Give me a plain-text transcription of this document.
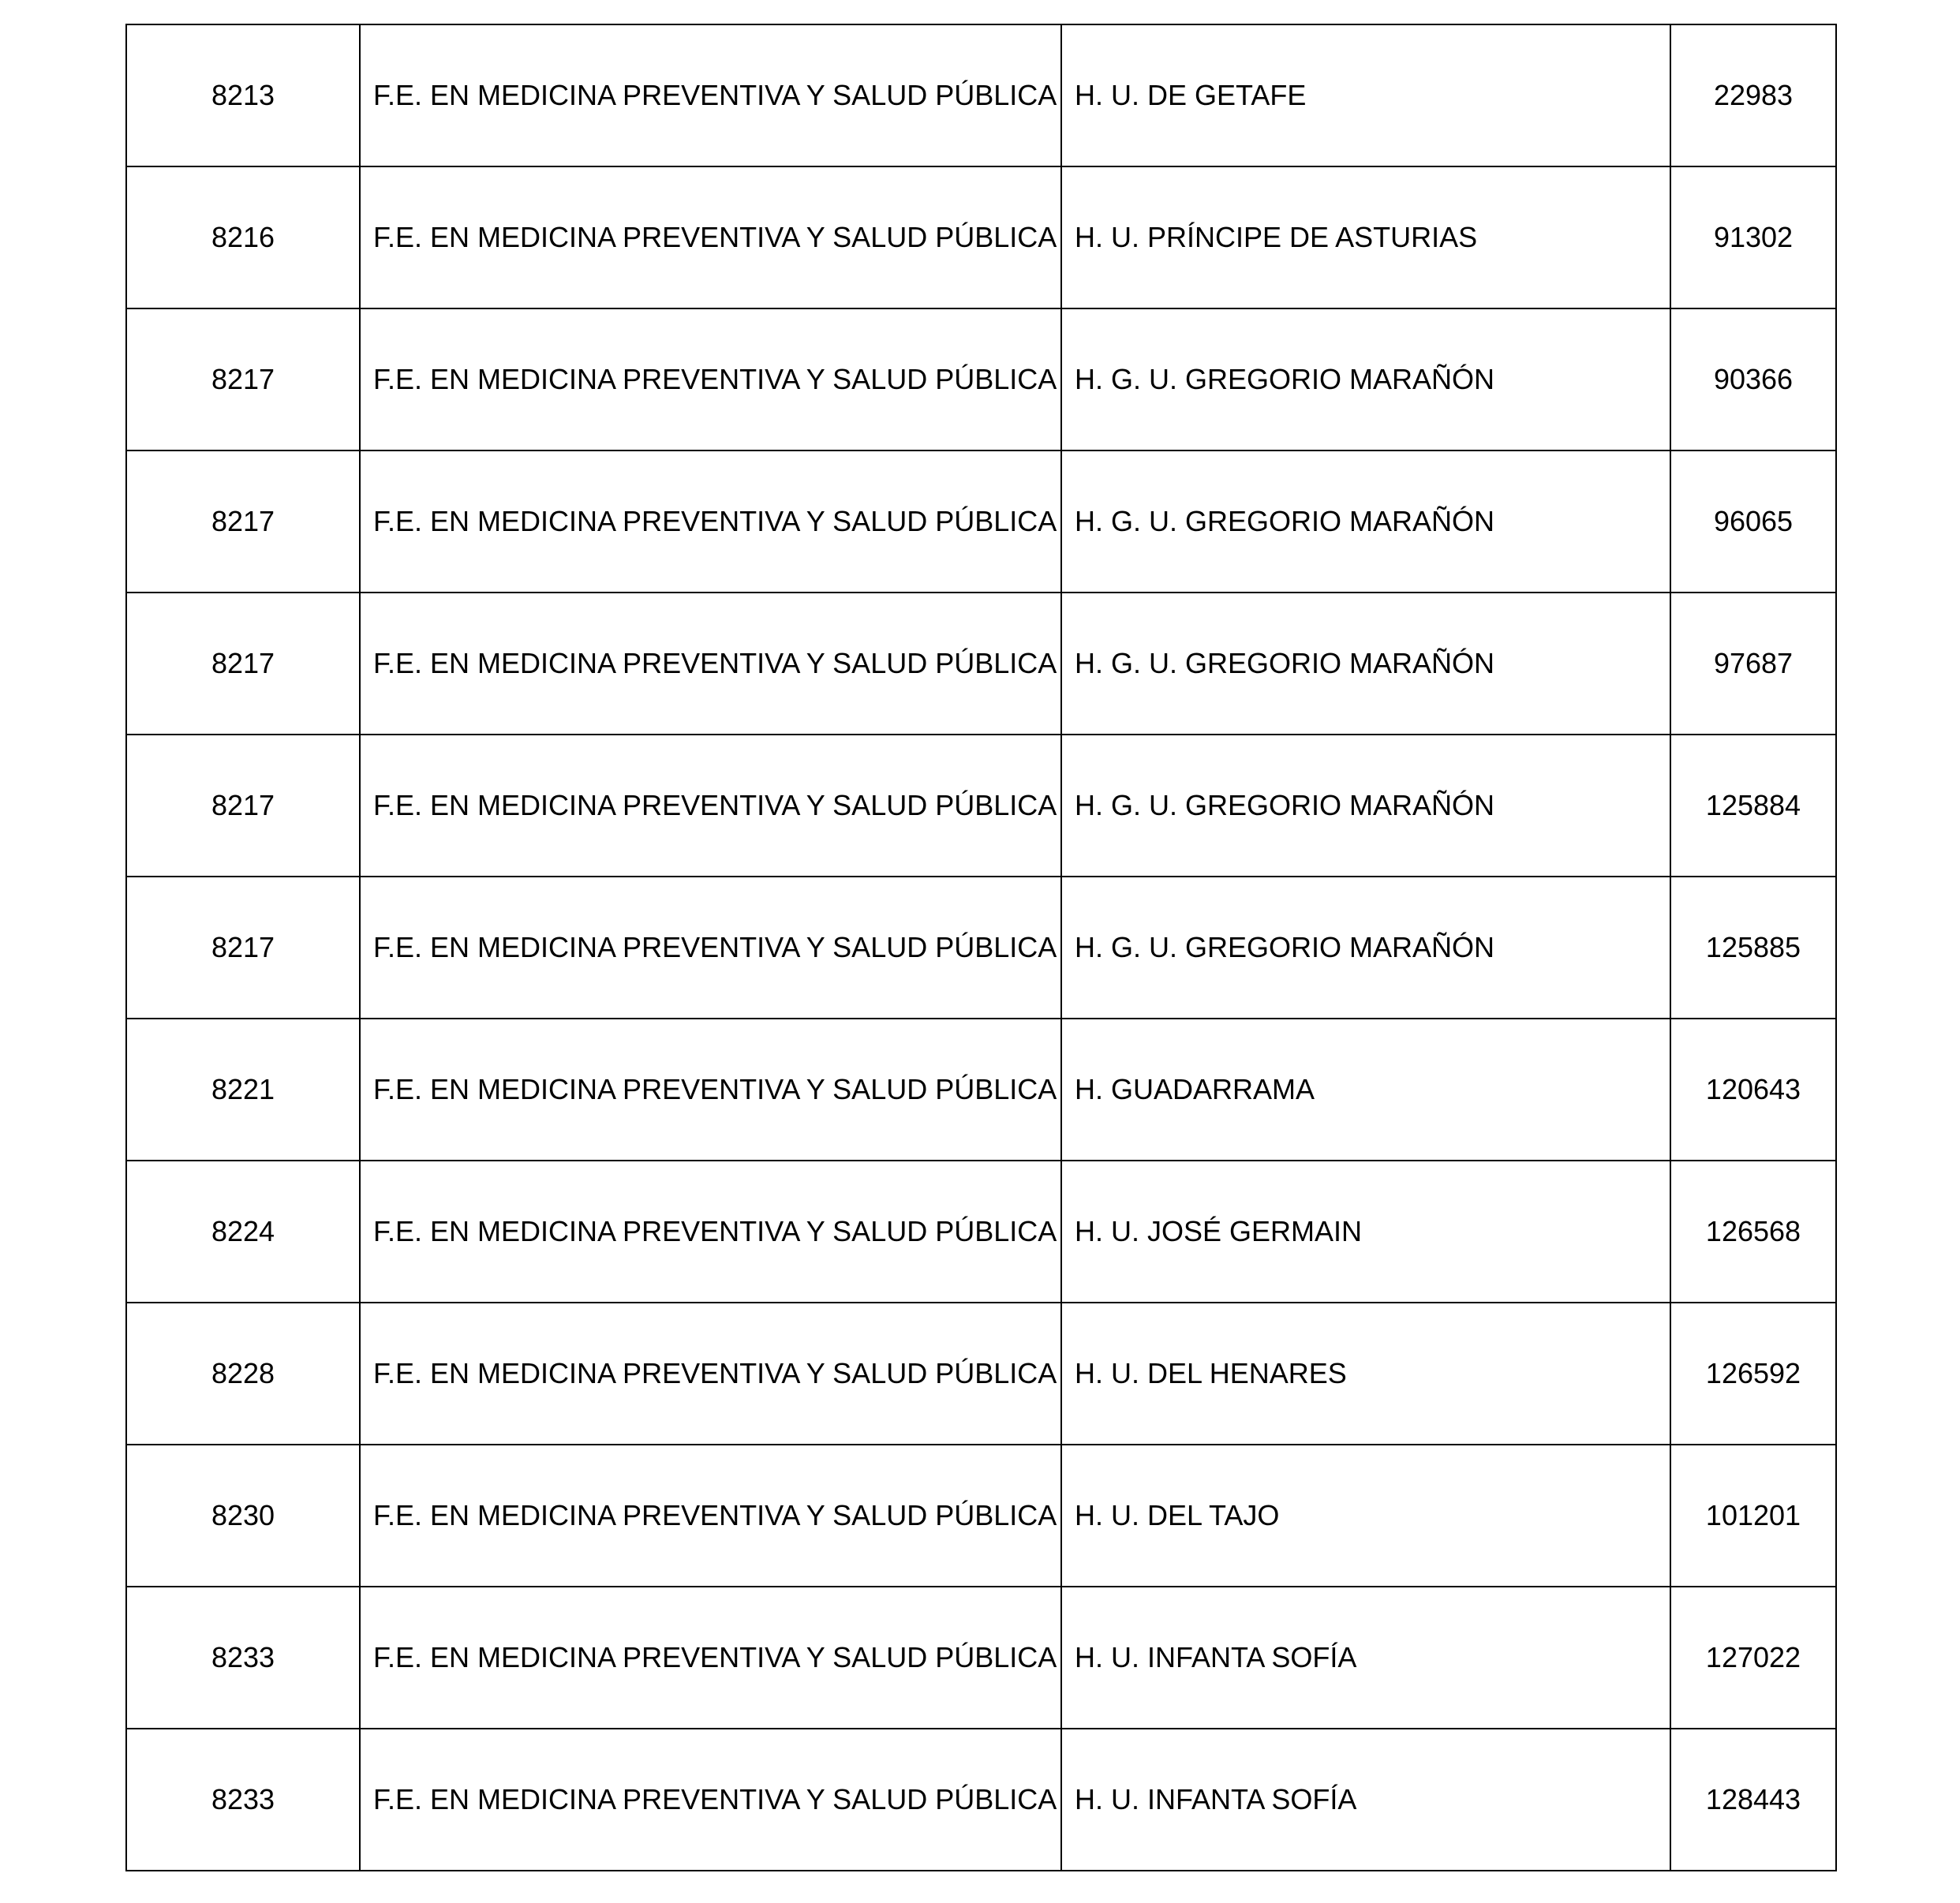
8213	F.E. EN MEDICINA PREVENTIVA Y SALUD PÚBLICA	H. U. DE GETAFE	22983
8216	F.E. EN MEDICINA PREVENTIVA Y SALUD PÚBLICA	H. U. PRÍNCIPE DE ASTURIAS	91302
8217	F.E. EN MEDICINA PREVENTIVA Y SALUD PÚBLICA	H. G. U. GREGORIO MARAÑÓN	90366
8217	F.E. EN MEDICINA PREVENTIVA Y SALUD PÚBLICA	H. G. U. GREGORIO MARAÑÓN	96065
8217	F.E. EN MEDICINA PREVENTIVA Y SALUD PÚBLICA	H. G. U. GREGORIO MARAÑÓN	97687
8217	F.E. EN MEDICINA PREVENTIVA Y SALUD PÚBLICA	H. G. U. GREGORIO MARAÑÓN	125884
8217	F.E. EN MEDICINA PREVENTIVA Y SALUD PÚBLICA	H. G. U. GREGORIO MARAÑÓN	125885
8221	F.E. EN MEDICINA PREVENTIVA Y SALUD PÚBLICA	H. GUADARRAMA	120643
8224	F.E. EN MEDICINA PREVENTIVA Y SALUD PÚBLICA	H. U. JOSÉ GERMAIN	126568
8228	F.E. EN MEDICINA PREVENTIVA Y SALUD PÚBLICA	H. U. DEL HENARES	126592
8230	F.E. EN MEDICINA PREVENTIVA Y SALUD PÚBLICA	H. U. DEL TAJO	101201
8233	F.E. EN MEDICINA PREVENTIVA Y SALUD PÚBLICA	H. U. INFANTA SOFÍA	127022
8233	F.E. EN MEDICINA PREVENTIVA Y SALUD PÚBLICA	H. U. INFANTA SOFÍA	128443
